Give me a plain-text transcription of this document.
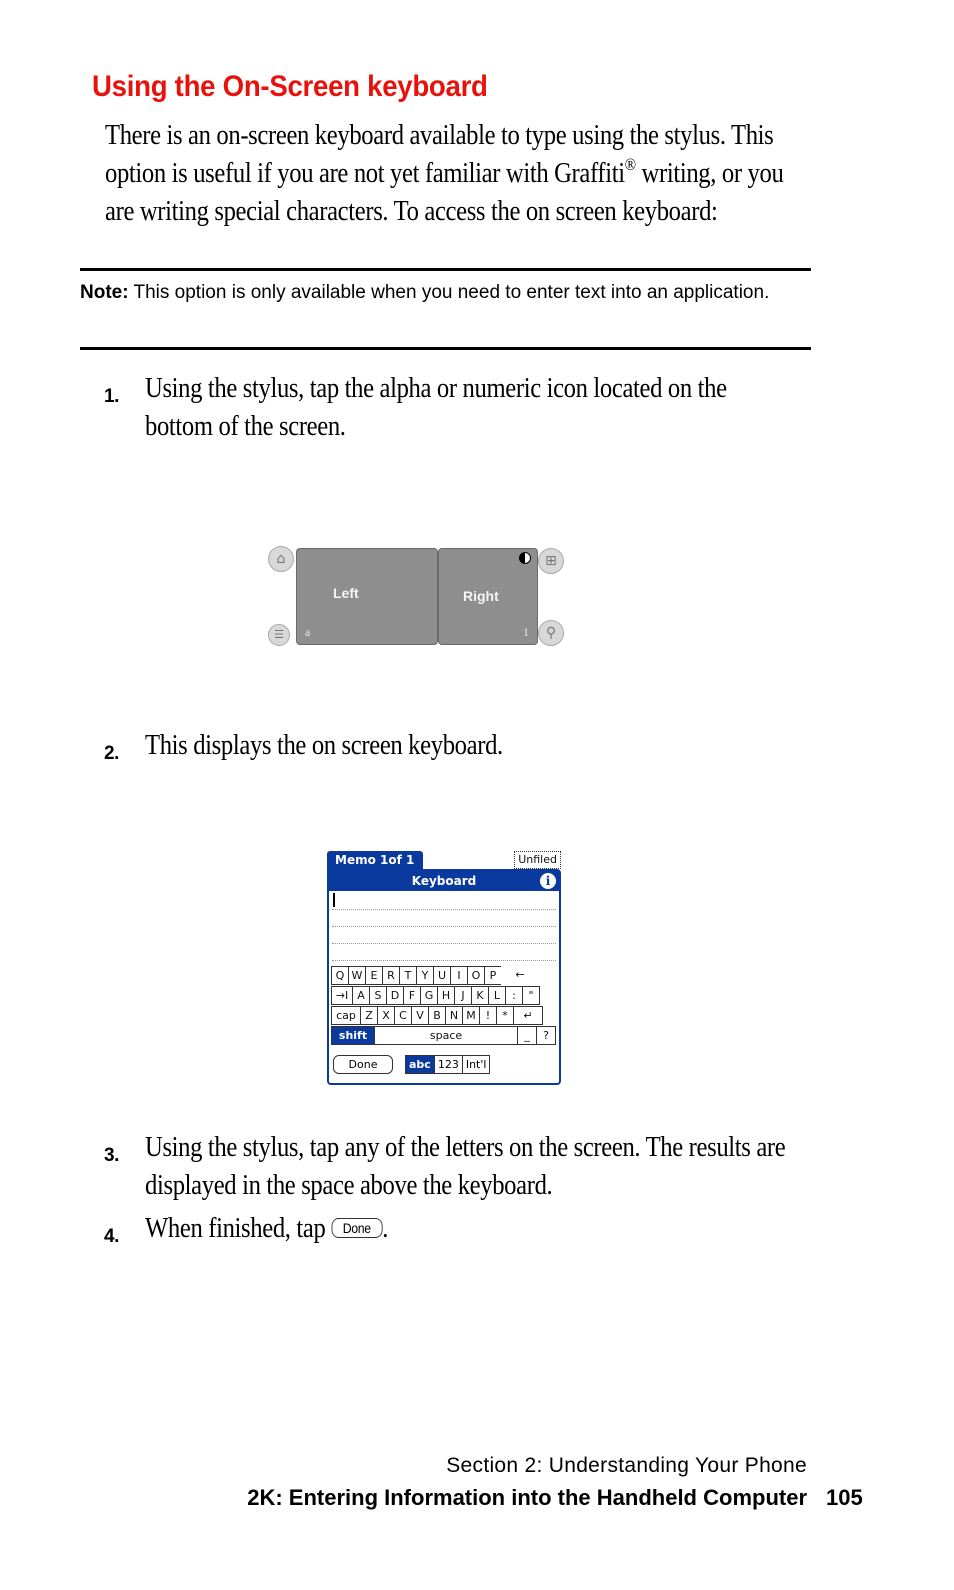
Using the On-Screen keyboard

There is an on-screen keyboard available to type using the stylus. This

option is useful if you are not yet familiar with Graffiti® writing, or you

are writing special characters. To access the on screen keyboard:

Note: This option is only available when you need to enter text into an application.
1. Using the stylus, tap the alpha or numeric icon located on the
bottom of the screen.
⌂
☰
⊞
⚲
Left
a
Right
1
2. This displays the on screen keyboard.
Memo 1of 1	Unfiled
Keyboard	i
Q W E R T Y U	I	O P	←
→I A S D F G H	J	K L	:	"
cap Z X C V B N M !	*	↵
shift	space	_	?
Done	abc 123 Int'l
3. Using the stylus, tap any of the letters on the screen. The results are
displayed in the space above the keyboard.
4. When finished, tap Done .
Section 2: Understanding Your Phone
2K: Entering Information into the Handheld Computer 105
